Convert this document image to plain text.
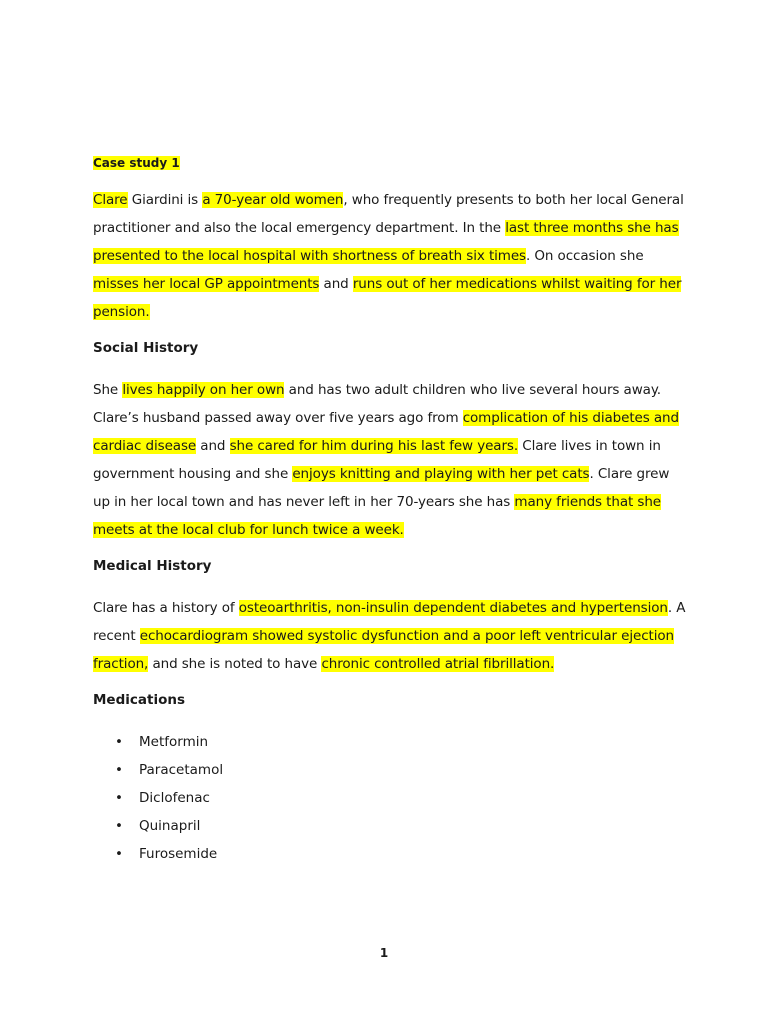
Case study 1

Clare Giardini is a 70-year old women, who frequently presents to both her local General
practitioner and also the local emergency department. In the last three months she has
presented to the local hospital with shortness of breath six times. On occasion she
misses her local GP appointments and runs out of her medications whilst waiting for her
pension.

Social History

She lives happily on her own and has two adult children who live several hours away.
Clare’s husband passed away over five years ago from complication of his diabetes and
cardiac disease and she cared for him during his last few years. Clare lives in town in
government housing and she enjoys knitting and playing with her pet cats. Clare grew
up in her local town and has never left in her 70-years she has many friends that she
meets at the local club for lunch twice a week.

Medical History

Clare has a history of osteoarthritis, non-insulin dependent diabetes and hypertension. A
recent echocardiogram showed systolic dysfunction and a poor left ventricular ejection
fraction, and she is noted to have chronic controlled atrial fibrillation.

Medications
• Metformin
• Paracetamol
• Diclofenac
• Quinapril
• Furosemide
1
